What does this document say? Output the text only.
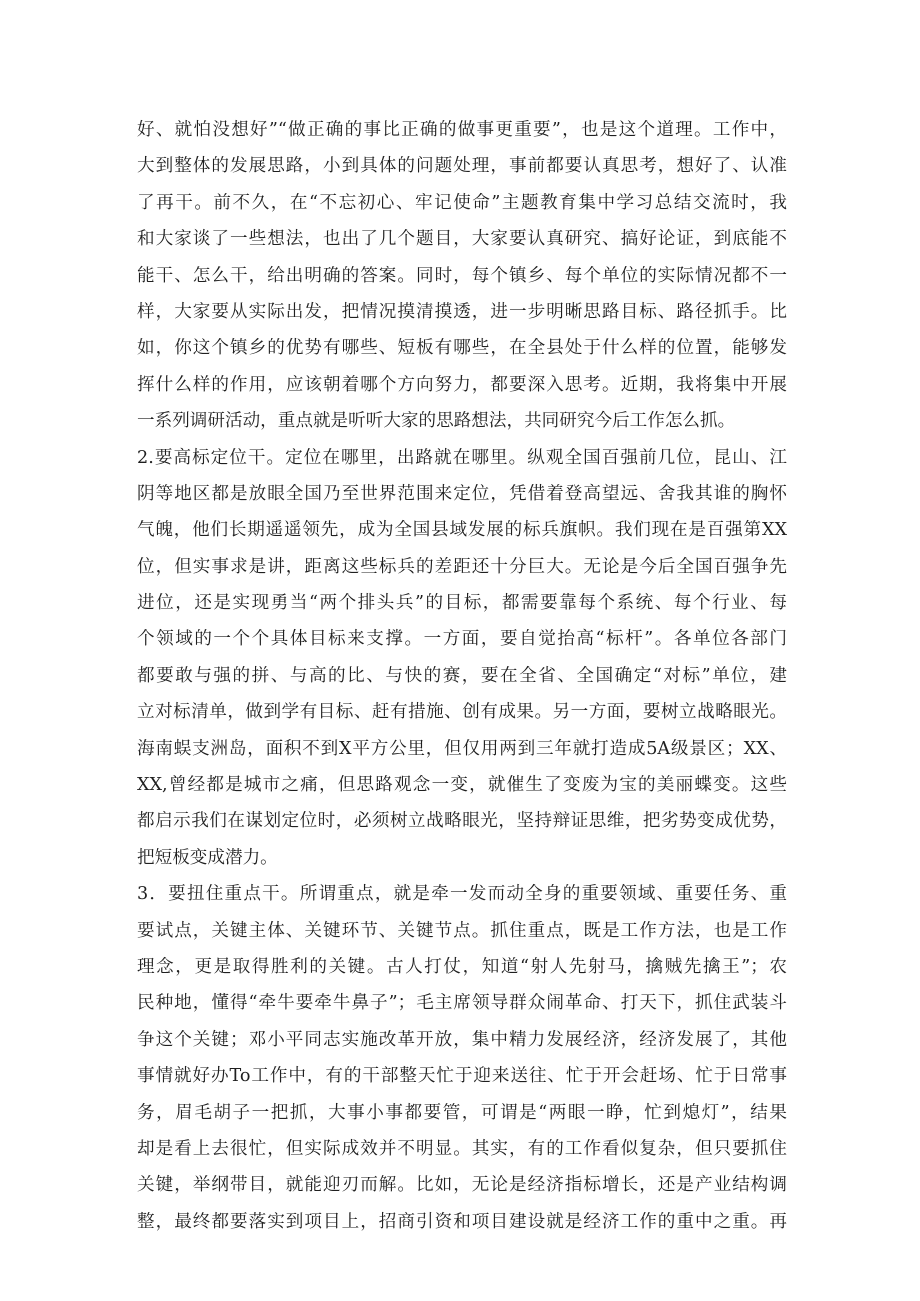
好、就怕没想好”“做正确的事比正确的做事更重要”，也是这个道理。工作中，
大到整体的发展思路，小到具体的问题处理，事前都要认真思考，想好了、认准
了再干。前不久，在“不忘初心、牢记使命”主题教育集中学习总结交流时，我
和大家谈了一些想法，也出了几个题目，大家要认真研究、搞好论证，到底能不
能干、怎么干，给出明确的答案。同时，每个镇乡、每个单位的实际情况都不一
样，大家要从实际出发，把情况摸清摸透，进一步明晰思路目标、路径抓手。比
如，你这个镇乡的优势有哪些、短板有哪些，在全县处于什么样的位置，能够发
挥什么样的作用，应该朝着哪个方向努力，都要深入思考。近期，我将集中开展
一系列调研活动，重点就是听听大家的思路想法，共同研究今后工作怎么抓。
2.要高标定位干。定位在哪里，出路就在哪里。纵观全国百强前几位，昆山、江
阴等地区都是放眼全国乃至世界范围来定位，凭借着登高望远、舍我其谁的胸怀
气魄，他们长期遥遥领先，成为全国县域发展的标兵旗帜。我们现在是百强第XX
位，但实事求是讲，距离这些标兵的差距还十分巨大。无论是今后全国百强争先
进位，还是实现勇当“两个排头兵”的目标，都需要靠每个系统、每个行业、每
个领域的一个个具体目标来支撑。一方面，要自觉抬高“标杆”。各单位各部门
都要敢与强的拼、与高的比、与快的赛，要在全省、全国确定“对标”单位，建
立对标清单，做到学有目标、赶有措施、创有成果。另一方面，要树立战略眼光。
海南蜈支洲岛，面积不到X平方公里，但仅用两到三年就打造成5A级景区；XX、
XX,曾经都是城市之痛，但思路观念一变，就催生了变废为宝的美丽蝶变。这些
都启示我们在谋划定位时，必须树立战略眼光，坚持辩证思维，把劣势变成优势，
把短板变成潜力。
3．要扭住重点干。所谓重点，就是牵一发而动全身的重要领域、重要任务、重
要试点，关键主体、关键环节、关键节点。抓住重点，既是工作方法，也是工作
理念，更是取得胜利的关键。古人打仗，知道“射人先射马，擒贼先擒王”；农
民种地，懂得“牵牛要牵牛鼻子”；毛主席领导群众闹革命、打天下，抓住武装斗
争这个关键；邓小平同志实施改革开放，集中精力发展经济，经济发展了，其他
事情就好办To工作中，有的干部整天忙于迎来送往、忙于开会赶场、忙于日常事
务，眉毛胡子一把抓，大事小事都要管，可谓是“两眼一睁，忙到熄灯”，结果
却是看上去很忙，但实际成效并不明显。其实，有的工作看似复杂，但只要抓住
关键，举纲带目，就能迎刃而解。比如，无论是经济指标增长，还是产业结构调
整，最终都要落实到项目上，招商引资和项目建设就是经济工作的重中之重。再
